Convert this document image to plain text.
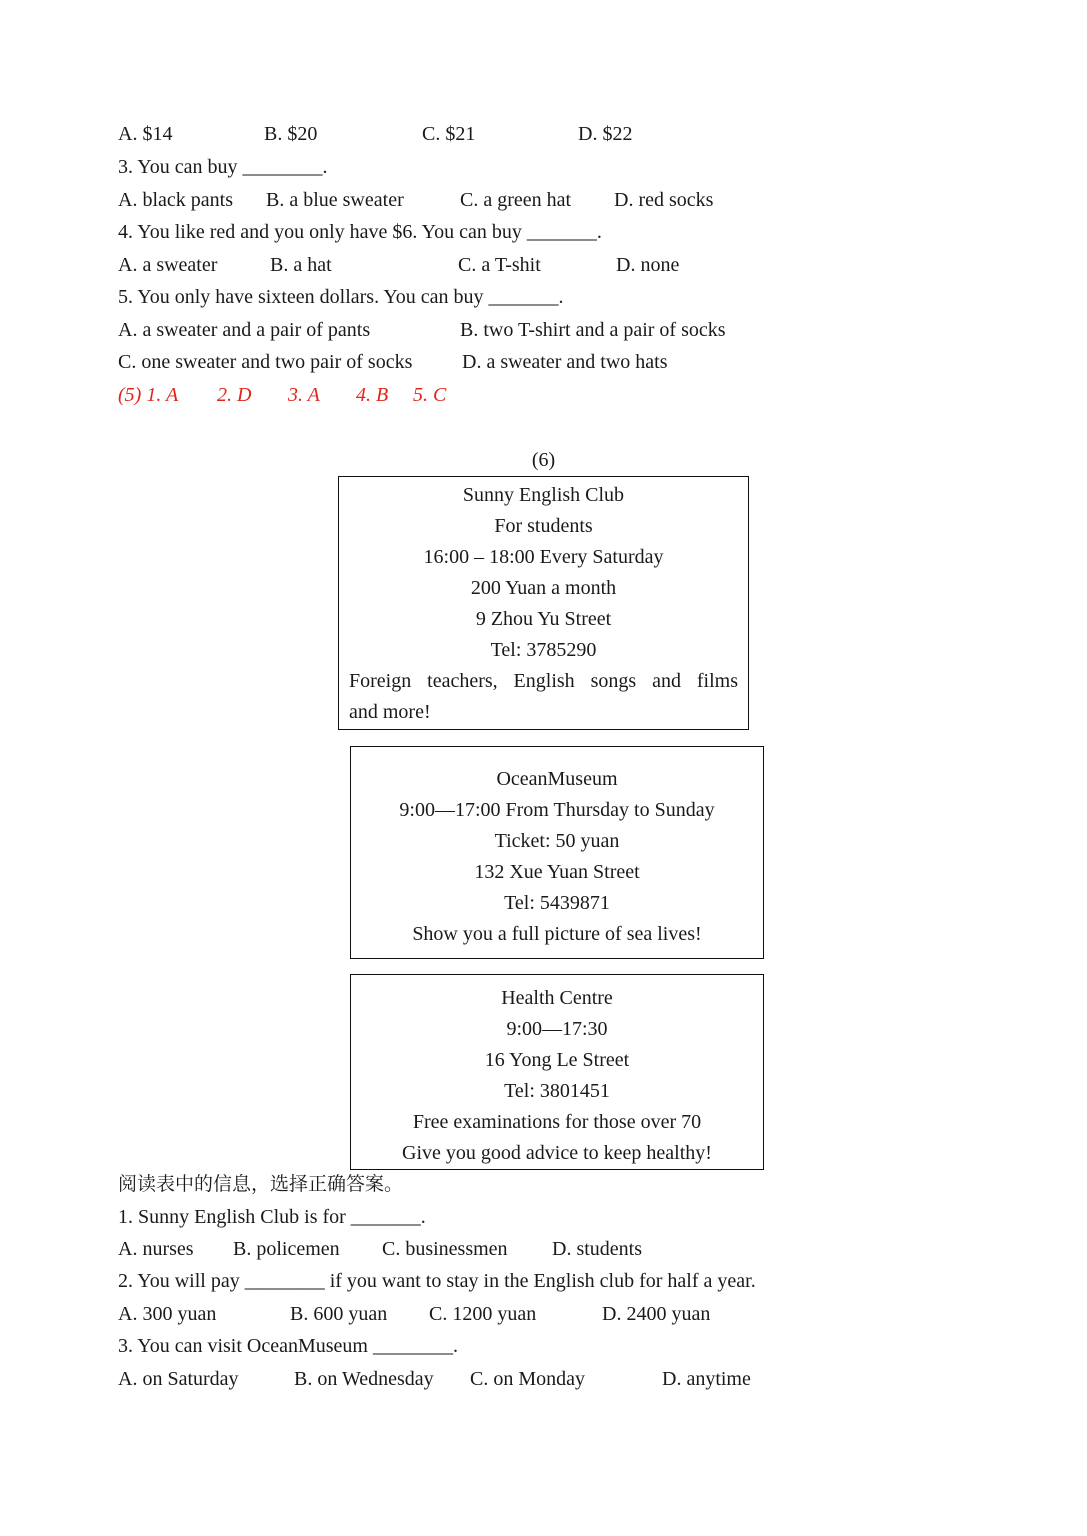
A. $14	B. $20	C. $21	D. $22
3. You can buy ________.
A. black pants B. a blue sweater	C. a green hat D. red socks
4. You like red and you only have $6. You can buy _______.
A. a sweater	B. a hat	C. a T-shit	D. none
5. You only have sixteen dollars. You can buy _______.
A. a sweater and a pair of pants	B. two T-shirt and a pair of socks
C. one sweater and two pair of socks D. a sweater and two hats
(5) 1. A 2. D 3. A 4. B 5. C
(6)
Sunny English Club
For students
16:00 – 18:00 Every Saturday
200 Yuan a month
9 Zhou Yu Street
Tel: 3785290
Foreign teachers, English songs and films
and more!
OceanMuseum
9:00—17:00 From Thursday to Sunday
Ticket: 50 yuan
132 Xue Yuan Street
Tel: 5439871
Show you a full picture of sea lives!
Health Centre
9:00—17:30
16 Yong Le Street
Tel: 3801451
Free examinations for those over 70
Give you good advice to keep healthy!
阅读表中的信息，选择正确答案。
1. Sunny English Club is for _______.
A. nurses B. policemen C. businessmen D. students
2. You will pay ________ if you want to stay in the English club for half a year.
A. 300 yuan	B. 600 yuan C. 1200 yuan	D. 2400 yuan
3. You can visit OceanMuseum ________.
A. on Saturday	B. on Wednesday C. on Monday	D. anytime
